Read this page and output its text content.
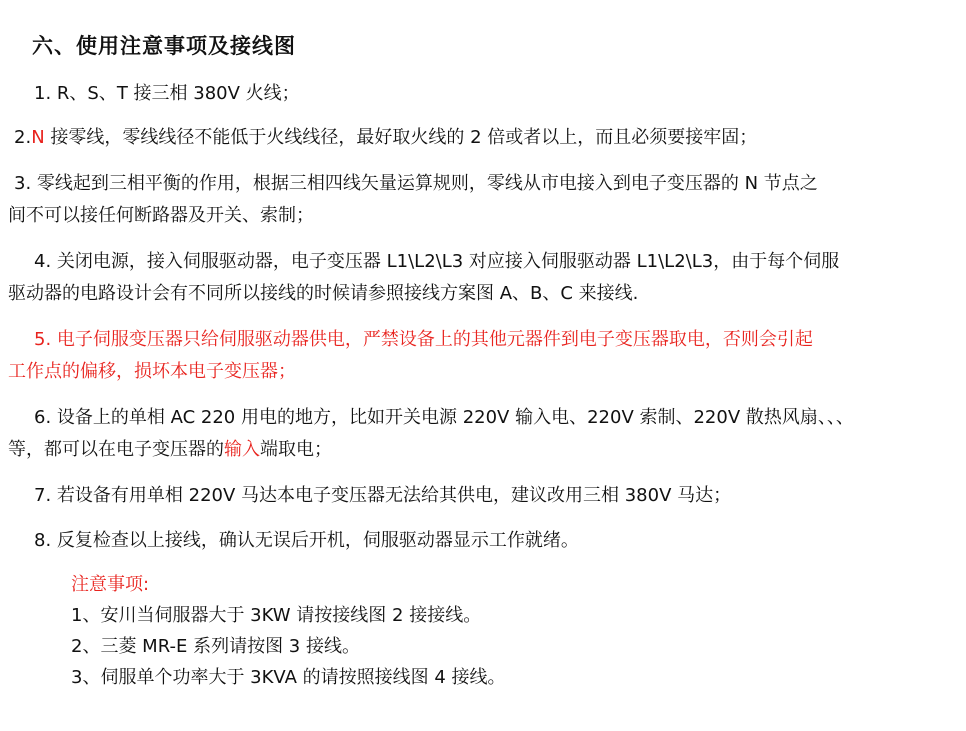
六、使用注意事项及接线图
1. R、S、T 接三相 380V 火线；
2.N 接零线，零线线径不能低于火线线径，最好取火线的 2 倍或者以上，而且必须要接牢固；
3. 零线起到三相平衡的作用，根据三相四线矢量运算规则，零线从市电接入到电子变压器的 N 节点之
间不可以接任何断路器及开关、索制；
4. 关闭电源，接入伺服驱动器，电子变压器 L1\L2\L3 对应接入伺服驱动器 L1\L2\L3，由于每个伺服
驱动器的电路设计会有不同所以接线的时候请参照接线方案图 A、B、C 来接线.
5. 电子伺服变压器只给伺服驱动器供电，严禁设备上的其他元器件到电子变压器取电，否则会引起
工作点的偏移，损坏本电子变压器；
6. 设备上的单相 AC 220 用电的地方，比如开关电源 220V 输入电、220V 索制、220V 散热风扇、、、
等，都可以在电子变压器的输入端取电；
7. 若设备有用单相 220V 马达本电子变压器无法给其供电，建议改用三相 380V 马达；
8. 反复检查以上接线，确认无误后开机，伺服驱动器显示工作就绪。
注意事项:
1、安川当伺服器大于 3KW 请按接线图 2 接接线。
2、三菱 MR-E 系列请按图 3 接线。
3、伺服单个功率大于 3KVA 的请按照接线图 4 接线。
